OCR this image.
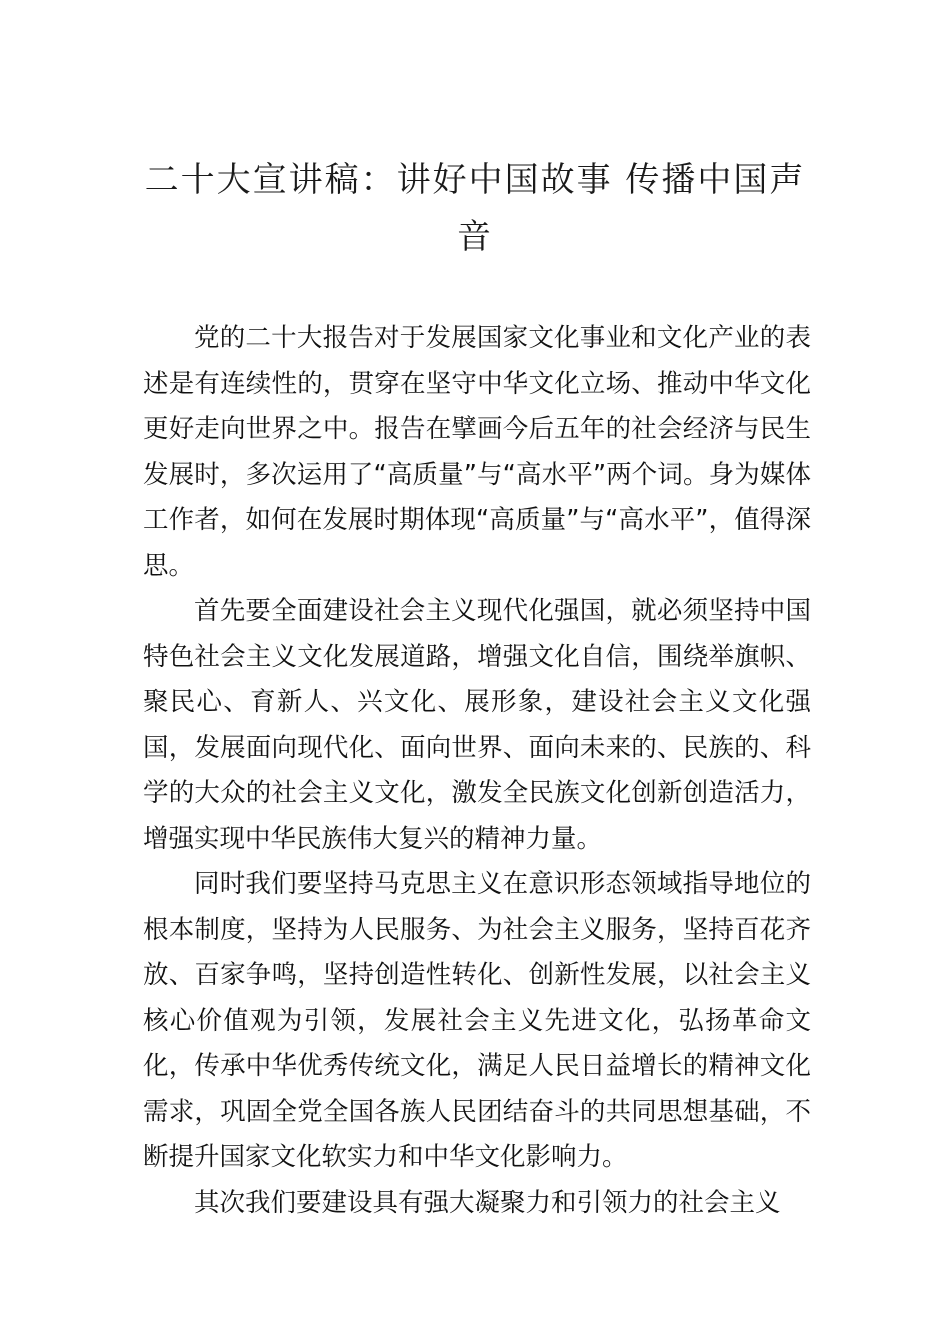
二十大宣讲稿：讲好中国故事 传播中国声音

党的二十大报告对于发展国家文化事业和文化产业的表述是有连续性的，贯穿在坚守中华文化立场、推动中华文化更好走向世界之中。报告在擘画今后五年的社会经济与民生发展时，多次运用了“高质量”与“高水平”两个词。身为媒体工作者，如何在发展时期体现“高质量”与“高水平”，值得深思。

首先要全面建设社会主义现代化强国，就必须坚持中国特色社会主义文化发展道路，增强文化自信，围绕举旗帜、聚民心、育新人、兴文化、展形象，建设社会主义文化强国，发展面向现代化、面向世界、面向未来的、民族的、科学的大众的社会主义文化，激发全民族文化创新创造活力，增强实现中华民族伟大复兴的精神力量。

同时我们要坚持马克思主义在意识形态领域指导地位的根本制度，坚持为人民服务、为社会主义服务，坚持百花齐放、百家争鸣，坚持创造性转化、创新性发展，以社会主义核心价值观为引领，发展社会主义先进文化，弘扬革命文化，传承中华优秀传统文化，满足人民日益增长的精神文化需求，巩固全党全国各族人民团结奋斗的共同思想基础，不断提升国家文化软实力和中华文化影响力。

其次我们要建设具有强大凝聚力和引领力的社会主义
